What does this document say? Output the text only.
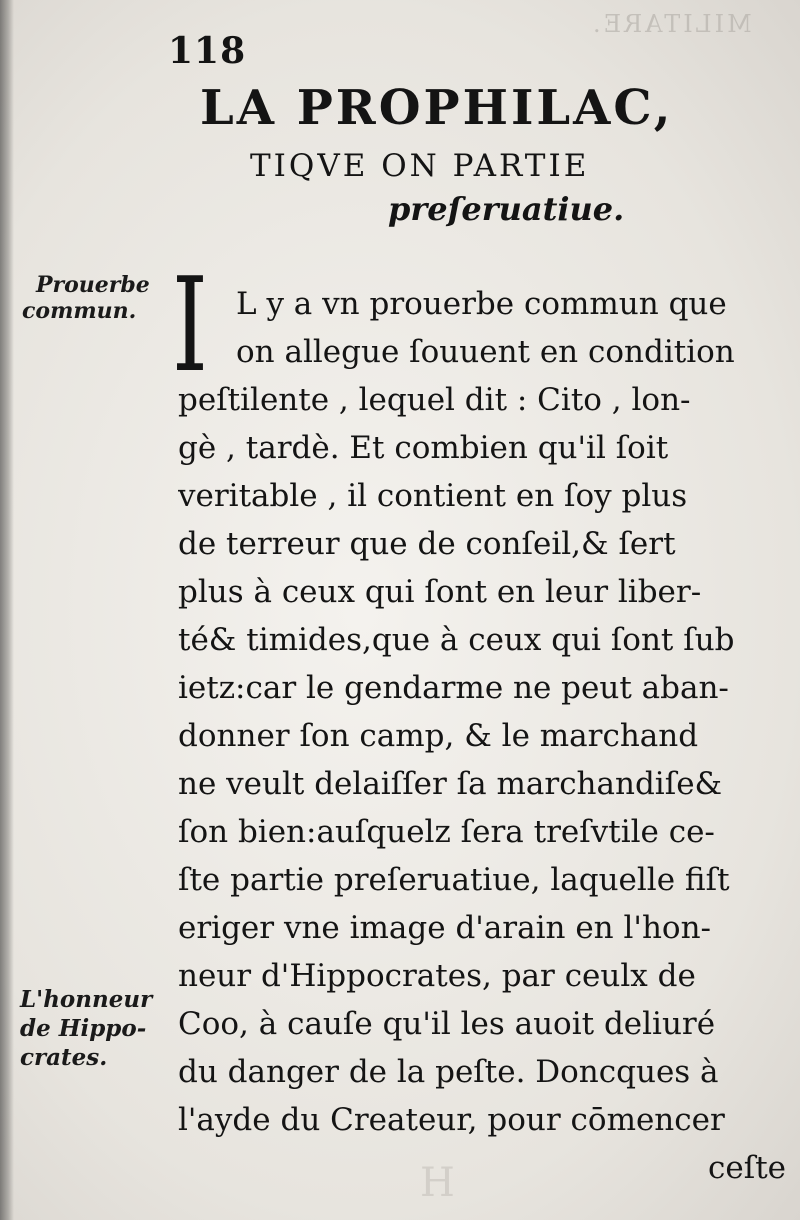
MILITARE.
118
LA PROPHILAC,
TIQVE ON PARTIE
preſeruatiue.
Prouerbe
commun. I L y a vn prouerbe commun que
on allegue ſouuent en condition
peſtilente , lequel dit : Cito , lon-
gè , tardè. Et combien qu'il ſoit
veritable , il contient en ſoy plus
de terreur que de conſeil,& ſert
plus à ceux qui ſont en leur liber-
té& timides,que à ceux qui ſont ſub
ietz:car le gendarme ne peut aban-
donner ſon camp, & le marchand
ne veult delaiſſer ſa marchandiſe&
ſon bien:auſquelz ſera treſvtile ce-
ſte partie preſeruatiue, laquelle fiſt
eriger vne image d'arain en l'hon-
neur d'Hippocrates, par ceulx de
Coo, à cauſe qu'il les auoit deliuré
du danger de la peſte. Doncques à
l'ayde du Createur, pour cōmencer
ceſte
L'honneur
de Hippo-
crates.
H
